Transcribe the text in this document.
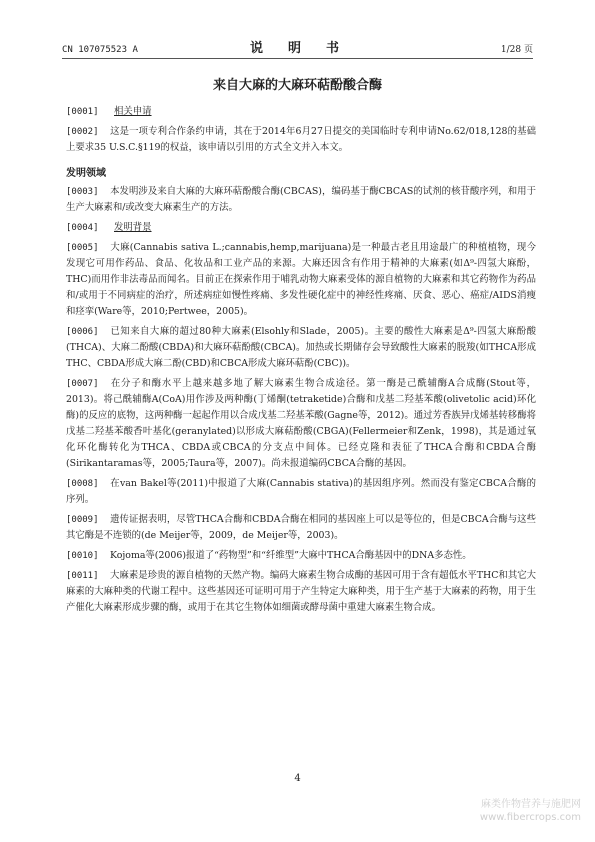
CN 107075523 A	说　明　书	1/28 页
来自大麻的大麻环萜酚酸合酶
[0001] 相关申请
[0002] 这是一项专利合作条约申请，其在于2014年6月27日提交的美国临时专利申请No.62/018,128的基础上要求35 U.S.C.§119的权益，该申请以引用的方式全文并入本文。
发明领域
[0003] 本发明涉及来自大麻的大麻环萜酚酸合酶(CBCAS)，编码基于酶CBCAS的试剂的核苷酸序列，和用于生产大麻素和/或改变大麻素生产的方法。
[0004] 发明背景
[0005] 大麻(Cannabis sativa L.;cannabis,hemp,marijuana)是一种最古老且用途最广的种植植物，现今发现它可用作药品、食品、化妆品和工业产品的来源。大麻还因含有作用于精神的大麻素(如Δ⁹-四氢大麻酚，THC)而用作非法毒品而闻名。目前正在探索作用于哺乳动物大麻素受体的源自植物的大麻素和其它药物作为药品和/或用于不同病症的治疗，所述病症如慢性疼痛、多发性硬化症中的神经性疼痛、厌食、恶心、癌症/AIDS消瘦和痉挛(Ware等，2010;Pertwee，2005)。
[0006] 已知来自大麻的超过80种大麻素(Elsohly和Slade，2005)。主要的酸性大麻素是Δ⁹-四氢大麻酚酸(THCA)、大麻二酚酸(CBDA)和大麻环萜酚酸(CBCA)。加热或长期储存会导致酸性大麻素的脱羧(如THCA形成THC、CBDA形成大麻二酚(CBD)和CBCA形成大麻环萜酚(CBC))。
[0007] 在分子和酶水平上越来越多地了解大麻素生物合成途径。第一酶是己酰辅酶A合成酶(Stout等，2013)。将己酰辅酶A(CoA)用作涉及两种酶(丁烯酮(tetraketide)合酶和戊基二羟基苯酸(olivetolic acid)环化酶)的反应的底物，这两种酶一起起作用以合成戊基二羟基苯酸(Gagne等，2012)。通过芳香族异戊烯基转移酶将戊基二羟基苯酸香叶基化(geranylated)以形成大麻萜酚酸(CBGA)(Fellermeier和Zenk，1998)，其是通过氧化环化酶转化为THCA、CBDA或CBCA的分支点中间体。已经克隆和表征了THCA合酶和CBDA合酶(Sirikantaramas等，2005;Taura等，2007)。尚未报道编码CBCA合酶的基因。
[0008] 在van Bakel等(2011)中报道了大麻(Cannabis stativa)的基因组序列。然而没有鉴定CBCA合酶的序列。
[0009] 遗传证据表明，尽管THCA合酶和CBDA合酶在相同的基因座上可以是等位的，但是CBCA合酶与这些其它酶是不连锁的(de Meijer等，2009，de Meijer等，2003)。
[0010] Kojoma等(2006)报道了“药物型”和“纤维型”大麻中THCA合酶基因中的DNA多态性。
[0011] 大麻素是珍贵的源自植物的天然产物。编码大麻素生物合成酶的基因可用于含有超低水平THC和其它大麻素的大麻种类的代谢工程中。这些基因还可证明可用于产生特定大麻种类，用于生产基于大麻素的药物，用于生产催化大麻素形成步骤的酶，或用于在其它生物体如细菌或酵母菌中重建大麻素生物合成。
4
麻类作物营养与施肥网
www.fibercrops.com
